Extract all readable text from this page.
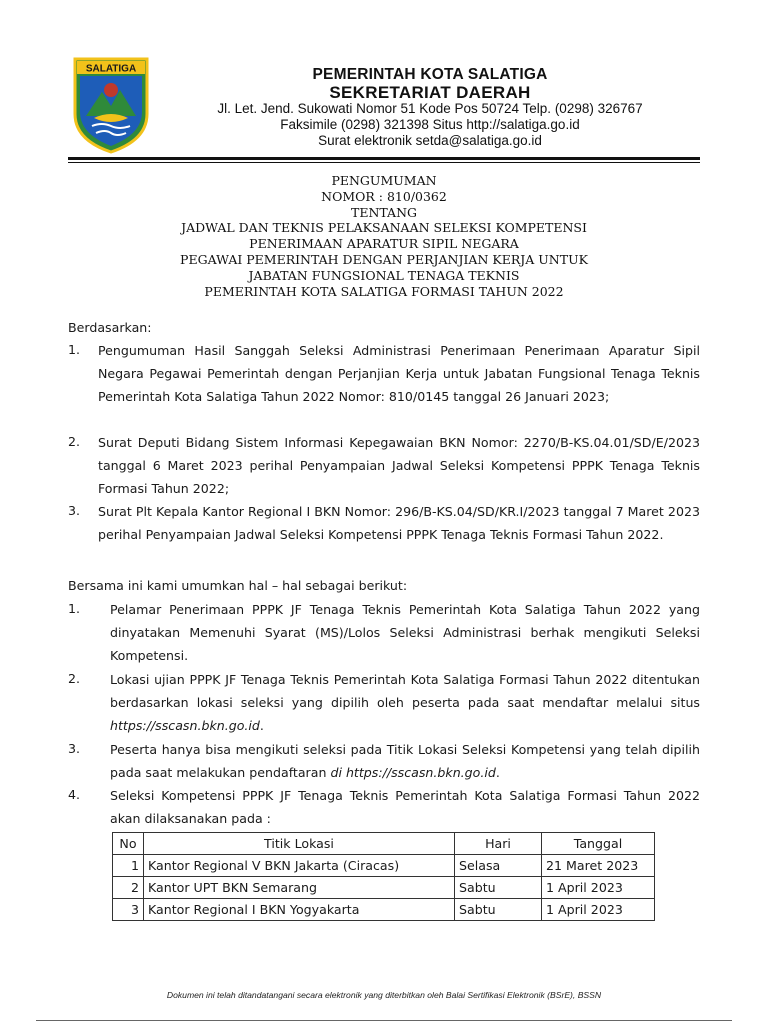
SALATIGA	PEMERINTAH KOTA SALATIGA
SEKRETARIAT DAERAH
Jl. Let. Jend. Sukowati Nomor 51 Kode Pos 50724 Telp. (0298) 326767
Faksimile (0298) 321398 Situs http://salatiga.go.id
Surat elektronik setda@salatiga.go.id
PENGUMUMAN
NOMOR : 810/0362
TENTANG
JADWAL DAN TEKNIS PELAKSANAAN SELEKSI KOMPETENSI
PENERIMAAN APARATUR SIPIL NEGARA
PEGAWAI PEMERINTAH DENGAN PERJANJIAN KERJA UNTUK
JABATAN FUNGSIONAL TENAGA TEKNIS
PEMERINTAH KOTA SALATIGA FORMASI TAHUN 2022
Berdasarkan:
1. Pengumuman Hasil Sanggah Seleksi Administrasi Penerimaan Penerimaan Aparatur Sipil Negara Pegawai Pemerintah dengan Perjanjian Kerja untuk Jabatan Fungsional Tenaga Teknis Pemerintah Kota Salatiga Tahun 2022 Nomor: 810/0145 tanggal 26 Januari 2023;
2. Surat Deputi Bidang Sistem Informasi Kepegawaian BKN Nomor: 2270/B-KS.04.01/SD/E/2023 tanggal 6 Maret 2023 perihal Penyampaian Jadwal Seleksi Kompetensi PPPK Tenaga Teknis Formasi Tahun 2022;
3. Surat Plt Kepala Kantor Regional I BKN Nomor: 296/B-KS.04/SD/KR.I/2023 tanggal 7 Maret 2023 perihal Penyampaian Jadwal Seleksi Kompetensi PPPK Tenaga Teknis Formasi Tahun 2022.
Bersama ini kami umumkan hal – hal sebagai berikut:
1. Pelamar Penerimaan PPPK JF Tenaga Teknis Pemerintah Kota Salatiga Tahun 2022 yang dinyatakan Memenuhi Syarat (MS)/Lolos Seleksi Administrasi berhak mengikuti Seleksi Kompetensi.
2. Lokasi ujian PPPK JF Tenaga Teknis Pemerintah Kota Salatiga Formasi Tahun 2022 ditentukan berdasarkan lokasi seleksi yang dipilih oleh peserta pada saat mendaftar melalui situs https://sscasn.bkn.go.id.
3. Peserta hanya bisa mengikuti seleksi pada Titik Lokasi Seleksi Kompetensi yang telah dipilih pada saat melakukan pendaftaran di https://sscasn.bkn.go.id.
4. Seleksi Kompetensi PPPK JF Tenaga Teknis Pemerintah Kota Salatiga Formasi Tahun 2022 akan dilaksanakan pada :
No	Titik Lokasi	Hari	Tanggal
1	Kantor Regional V BKN Jakarta (Ciracas)	Selasa	21 Maret 2023
2	Kantor UPT BKN Semarang	Sabtu	1 April 2023
3	Kantor Regional I BKN Yogyakarta	Sabtu	1 April 2023
Dokumen ini telah ditandatangani secara elektronik yang diterbitkan oleh Balai Sertifikasi Elektronik (BSrE), BSSN
